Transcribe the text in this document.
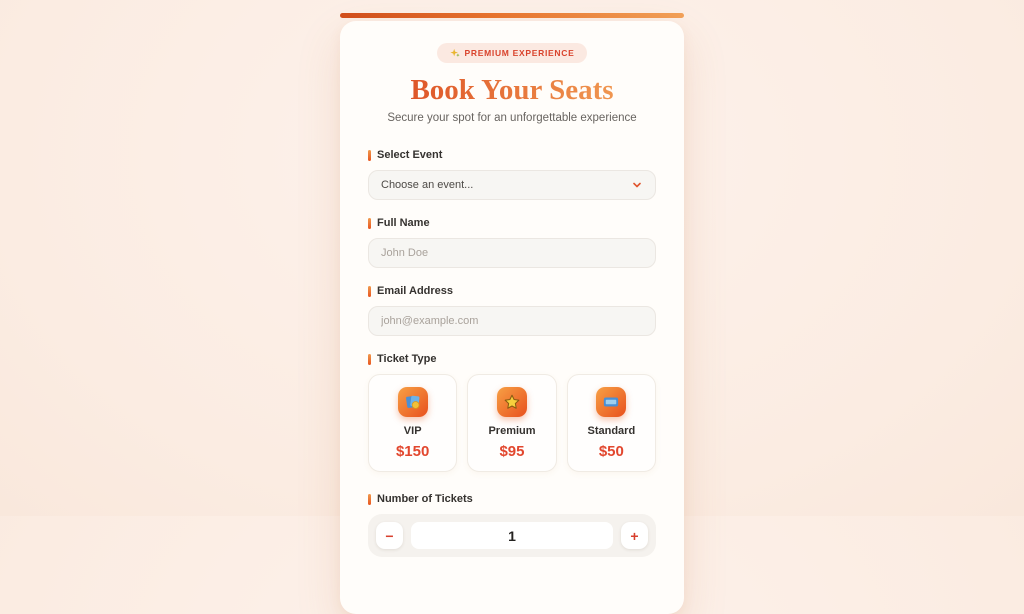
PREMIUM EXPERIENCE
Book Your Seats

Secure your spot for an unforgettable experience

Select Event
Choose an event...
Full Name
John Doe
Email Address
john@example.com
Ticket Type
VIP
$150
Premium
$95
Standard
$50
Number of Tickets
−
1	+
